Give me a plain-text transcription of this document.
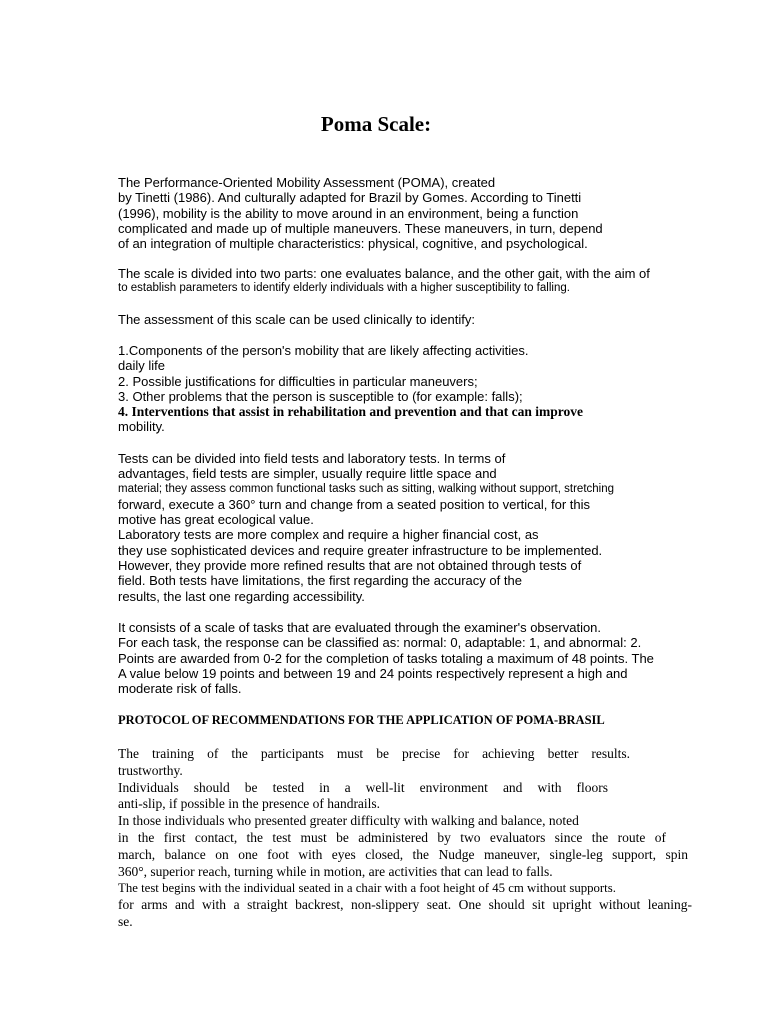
Poma Scale:
The Performance-Oriented Mobility Assessment (POMA), created
by Tinetti (1986). And culturally adapted for Brazil by Gomes. According to Tinetti
(1996), mobility is the ability to move around in an environment, being a function
complicated and made up of multiple maneuvers. These maneuvers, in turn, depend
of an integration of multiple characteristics: physical, cognitive, and psychological.
The scale is divided into two parts: one evaluates balance, and the other gait, with the aim of
to establish parameters to identify elderly individuals with a higher susceptibility to falling.
The assessment of this scale can be used clinically to identify:
1.Components of the person's mobility that are likely affecting activities.
daily life
2. Possible justifications for difficulties in particular maneuvers;
3. Other problems that the person is susceptible to (for example: falls);
4. Interventions that assist in rehabilitation and prevention and that can improve
mobility.
Tests can be divided into field tests and laboratory tests. In terms of
advantages, field tests are simpler, usually require little space and
material; they assess common functional tasks such as sitting, walking without support, stretching
forward, execute a 360° turn and change from a seated position to vertical, for this
motive has great ecological value.
Laboratory tests are more complex and require a higher financial cost, as
they use sophisticated devices and require greater infrastructure to be implemented.
However, they provide more refined results that are not obtained through tests of
field. Both tests have limitations, the first regarding the accuracy of the
results, the last one regarding accessibility.
It consists of a scale of tasks that are evaluated through the examiner's observation.
For each task, the response can be classified as: normal: 0, adaptable: 1, and abnormal: 2.
Points are awarded from 0-2 for the completion of tasks totaling a maximum of 48 points. The
A value below 19 points and between 19 and 24 points respectively represent a high and
moderate risk of falls.
PROTOCOL OF RECOMMENDATIONS FOR THE APPLICATION OF POMA-BRASIL
The training of the participants must be precise for achieving better results.
trustworthy.
Individuals should be tested in a well-lit environment and with floors
anti-slip, if possible in the presence of handrails.
In those individuals who presented greater difficulty with walking and balance, noted
in the first contact, the test must be administered by two evaluators since the route of
march, balance on one foot with eyes closed, the Nudge maneuver, single-leg support, spin
360°, superior reach, turning while in motion, are activities that can lead to falls.
The test begins with the individual seated in a chair with a foot height of 45 cm without supports.
for arms and with a straight backrest, non-slippery seat. One should sit upright without leaning-
se.
